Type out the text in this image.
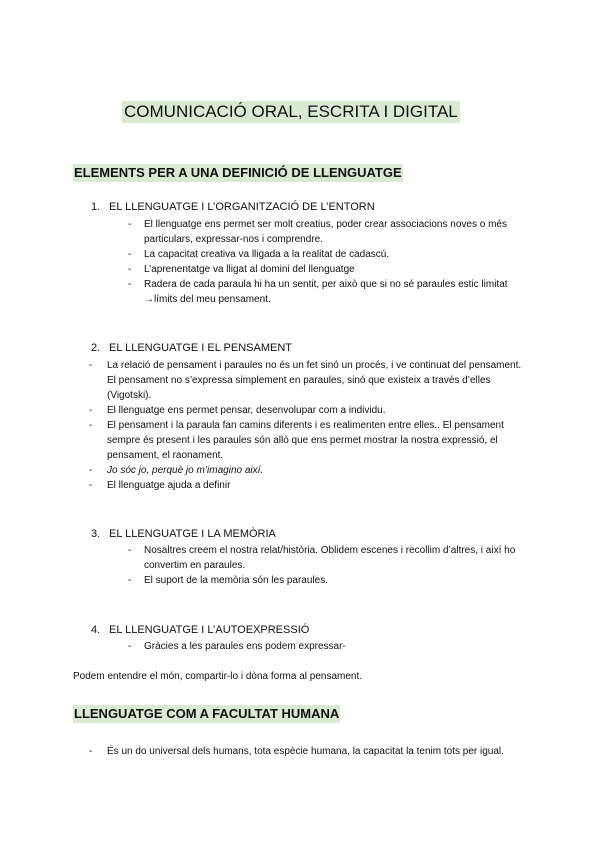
COMUNICACIÓ ORAL, ESCRITA I DIGITAL
ELEMENTS PER A UNA DEFINICIÓ DE LLENGUATGE
1. EL LLENGUATGE I L’ORGANITZACIÓ DE L’ENTORN
- El llenguatge ens permet ser molt creatius, poder crear associacions noves o més particulars, expressar-nos i comprendre.
- La capacitat creativa va lligada a la realitat de cadascú.
- L’aprenentatge va lligat al domini del llenguatge
- Radera de cada paraula hi ha un sentit, per això que si no sé paraules estic limitat →límits del meu pensament.
2. EL LLENGUATGE I EL PENSAMENT
- La relació de pensament i paraules no és un fet sinó un procés, i ve continuat del pensament. El pensament no s’expressa simplement en paraules, sinó que existeix a través d’elles (Vigotski).
- El llenguatge ens permet pensar, desenvolupar com a individu.
- El pensament i la paraula fan camins diferents i es realimenten entre elles.. El pensament sempre és present i les paraules són allò que ens permet mostrar la nostra expressió, el pensament, el raonament.
- Jo sóc jo, perquè jo m’imagino així.
- El llenguatge ajuda a definir
3. EL LLENGUATGE I LA MEMÒRIA
- Nosaltres creem el nostra relat/història. Oblidem escenes i recollim d’altres, i així ho convertim en paraules.
- El suport de la memòria són les paraules.
4. EL LLENGUATGE I L’AUTOEXPRESSIÓ
- Gràcies a les paraules ens podem expressar-
Podem entendre el món, compartir-lo i dòna forma al pensament.
LLENGUATGE COM A FACULTAT HUMANA
- És un do universal dels humans, tota espècie humana, la capacitat la tenim tots per igual.
